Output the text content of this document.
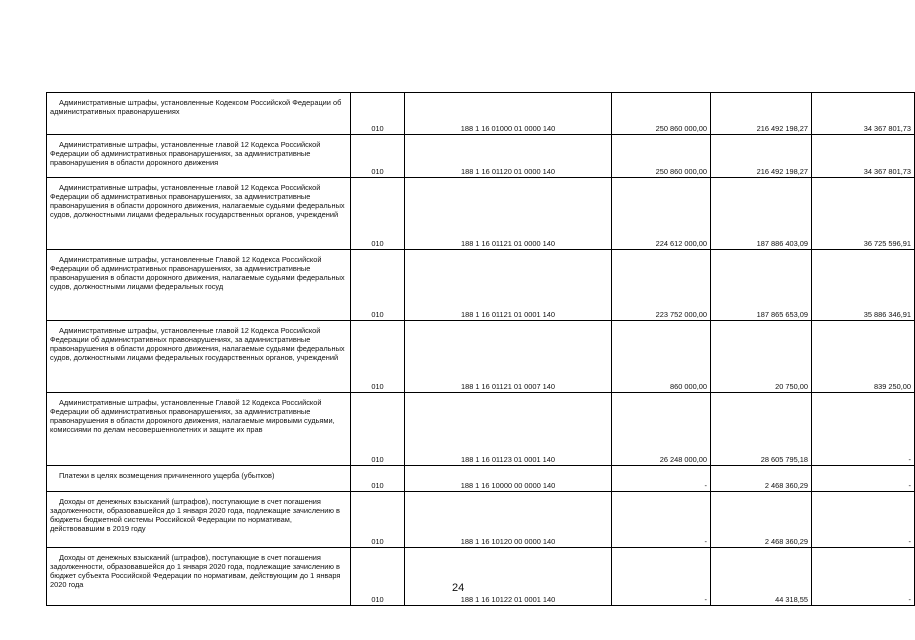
Административные штрафы, установленные Кодексом Российской Федерации об административных правонарушениях	010	188 1 16 01000 01 0000 140	250 860 000,00	216 492 198,27	34 367 801,73
Административные штрафы, установленные главой 12 Кодекса Российской Федерации об административных правонарушениях, за административные правонарушения в области дорожного движения	010	188 1 16 01120 01 0000 140	250 860 000,00	216 492 198,27	34 367 801,73
Административные штрафы, установленные главой 12 Кодекса Российской Федерации об административных правонарушениях, за административные правонарушения в области дорожного движения, налагаемые судьями федеральных судов, должностными лицами федеральных государственных органов, учреждений	010	188 1 16 01121 01 0000 140	224 612 000,00	187 886 403,09	36 725 596,91
Административные штрафы, установленные Главой 12 Кодекса Российской Федерации об административных правонарушениях, за административные правонарушения в области дорожного движения, налагаемые судьями федеральных судов, должностными лицами федеральных госуд	010	188 1 16 01121 01 0001 140	223 752 000,00	187 865 653,09	35 886 346,91
Административные штрафы, установленные главой 12 Кодекса Российской Федерации об административных правонарушениях, за административные правонарушения в области дорожного движения, налагаемые судьями федеральных судов, должностными лицами федеральных государственных органов, учреждений	010	188 1 16 01121 01 0007 140	860 000,00	20 750,00	839 250,00
Административные штрафы, установленные Главой 12 Кодекса Российской Федерации об административных правонарушениях, за административные правонарушения в области дорожного движения, налагаемые мировыми судьями, комиссиями по делам несовершеннолетних и защите их прав	010	188 1 16 01123 01 0001 140	26 248 000,00	28 605 795,18	-
Платежи в целях возмещения причиненного ущерба (убытков)	010	188 1 16 10000 00 0000 140	-	2 468 360,29	-
Доходы от денежных взысканий (штрафов), поступающие в счет погашения задолженности, образовавшейся до 1 января 2020 года, подлежащие зачислению в бюджеты бюджетной системы Российской Федерации по нормативам, действовавшим в 2019 году	010	188 1 16 10120 00 0000 140	-	2 468 360,29	-
Доходы от денежных взысканий (штрафов), поступающие в счет погашения задолженности, образовавшейся до 1 января 2020 года, подлежащие зачислению в бюджет субъекта Российской Федерации по нормативам, действующим до 1 января 2020 года	010	188 1 16 10122 01 0001 140	-	44 318,55	-
24
